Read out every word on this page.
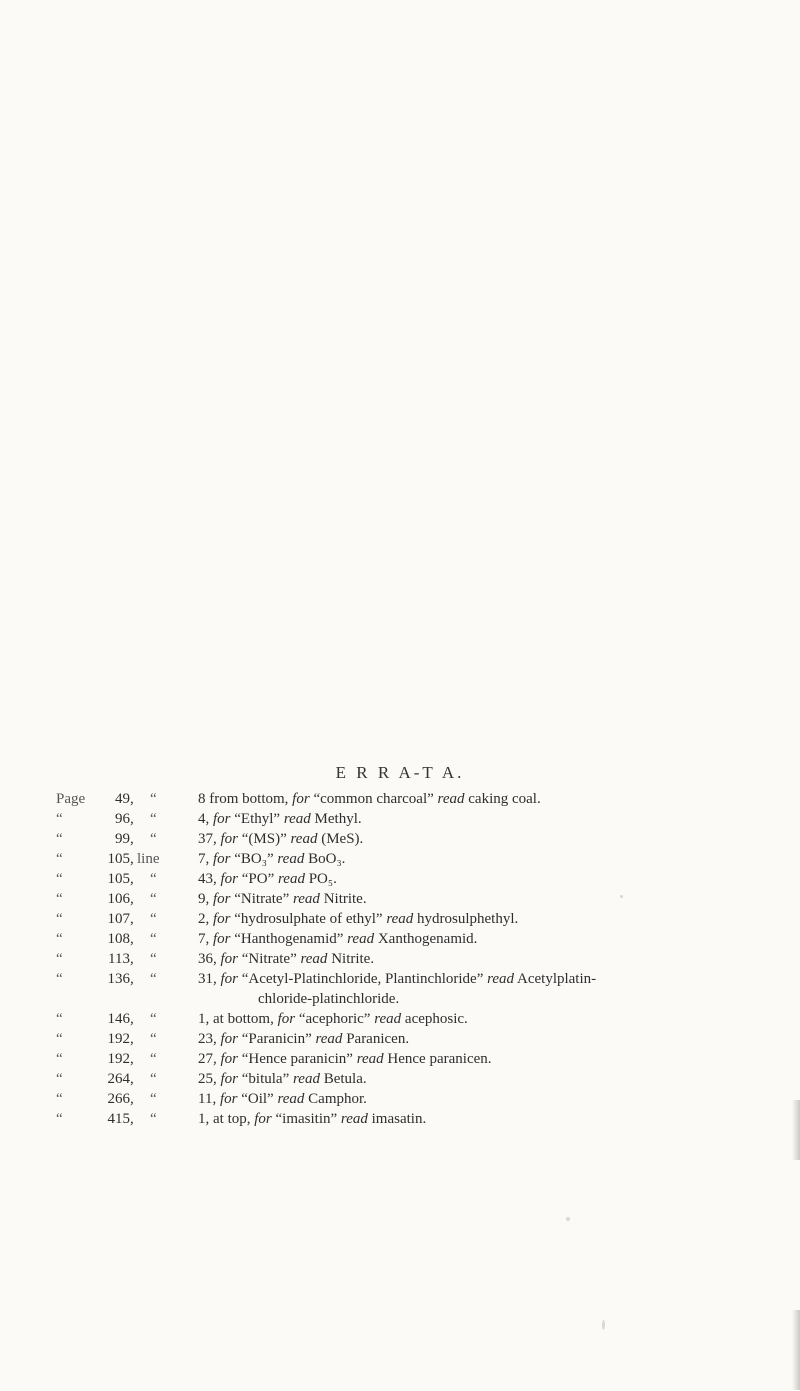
E R R A-T A.
Page	49 , “	8 from bottom, for “common charcoal” read caking coal.
“	96 , “	4, for “Ethyl” read Methyl.
“	99 , “	37, for “(MS)” read (MeS).
“	105 , line	7, for “BO₃” read BoO₃.
“	105 , “	43, for “PO” read PO₅.
“	106 , “	9, for “Nitrate” read Nitrite.
“	107 , “	2, for “hydrosulphate of ethyl” read hydrosulphethyl.
“	108 , “	7, for “Hanthogenamid” read Xanthogenamid.
“	113 , “	36, for “Nitrate” read Nitrite.
“	136 , “	31, for “Acetyl-Platinchloride, Plantinchloride” read Acetylplatin-
chloride-platinchloride.
“	146 , “	1, at bottom, for “acephoric” read acephosic.
“	192 , “	23, for “Paranicin” read Paranicen.
“	192 , “	27, for “Hence paranicin” read Hence paranicen.
“	264 , “	25, for “bitula” read Betula.
“	266 , “	11, for “Oil” read Camphor.
“	415 , “	1, at top, for “imasitin” read imasatin.
